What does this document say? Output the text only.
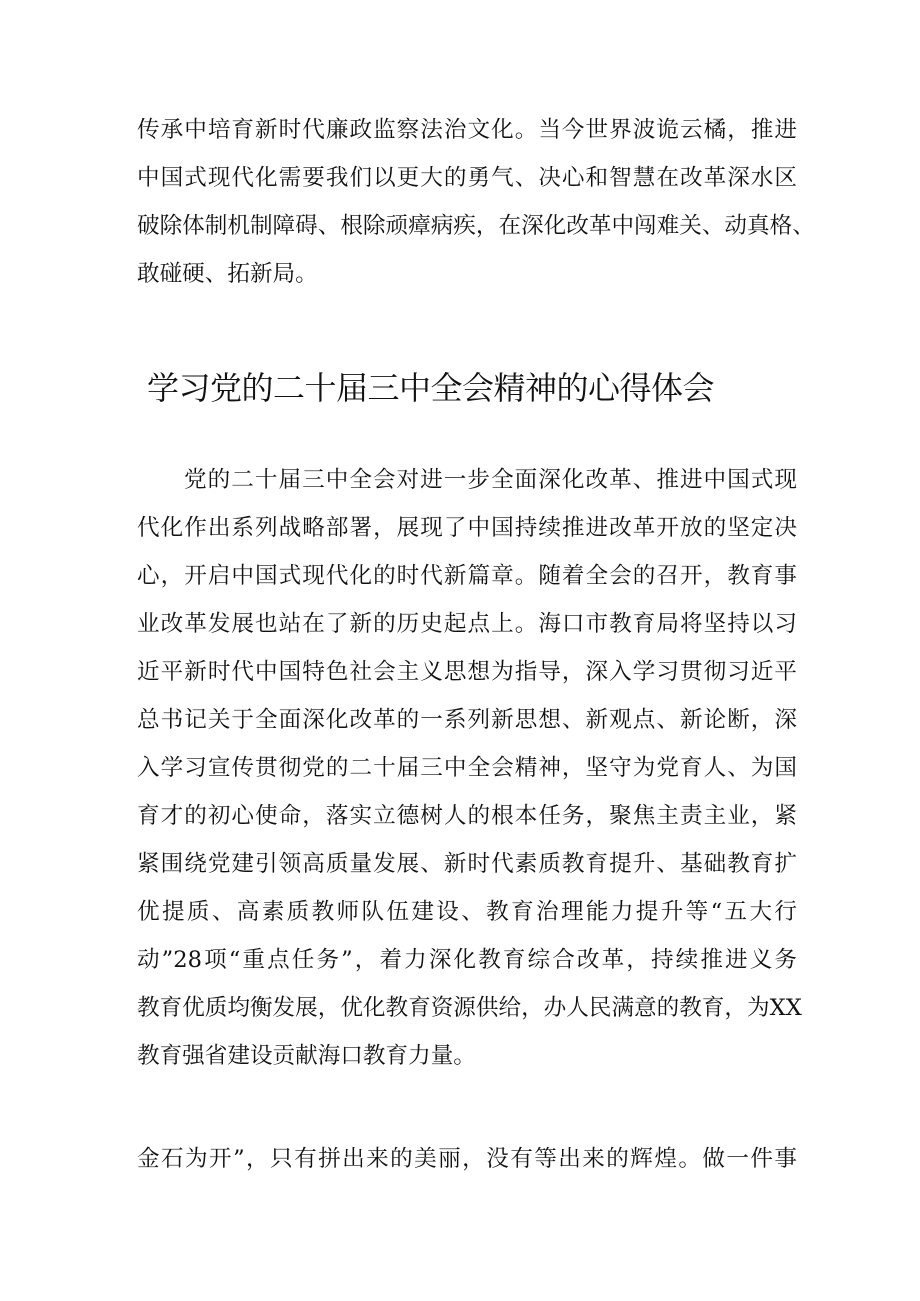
传承中培育新时代廉政监察法治文化。当今世界波诡云橘，推进
中国式现代化需要我们以更大的勇气、决心和智慧在改革深水区
破除体制机制障碍、根除顽瘴病疾，在深化改革中闯难关、动真格、
敢碰硬、拓新局。
学习党的二十届三中全会精神的心得体会
党的二十届三中全会对进一步全面深化改革、推进中国式现
代化作出系列战略部署，展现了中国持续推进改革开放的坚定决
心，开启中国式现代化的时代新篇章。随着全会的召开，教育事
业改革发展也站在了新的历史起点上。海口市教育局将坚持以习
近平新时代中国特色社会主义思想为指导，深入学习贯彻习近平
总书记关于全面深化改革的一系列新思想、新观点、新论断，深
入学习宣传贯彻党的二十届三中全会精神，坚守为党育人、为国
育才的初心使命，落实立德树人的根本任务，聚焦主责主业，紧
紧围绕党建引领高质量发展、新时代素质教育提升、基础教育扩
优提质、高素质教师队伍建设、教育治理能力提升等“五大行
动”28项“重点任务”，着力深化教育综合改革，持续推进义务
教育优质均衡发展，优化教育资源供给，办人民满意的教育，为XX
教育强省建设贡献海口教育力量。
金石为开”，只有拼出来的美丽，没有等出来的辉煌。做一件事
